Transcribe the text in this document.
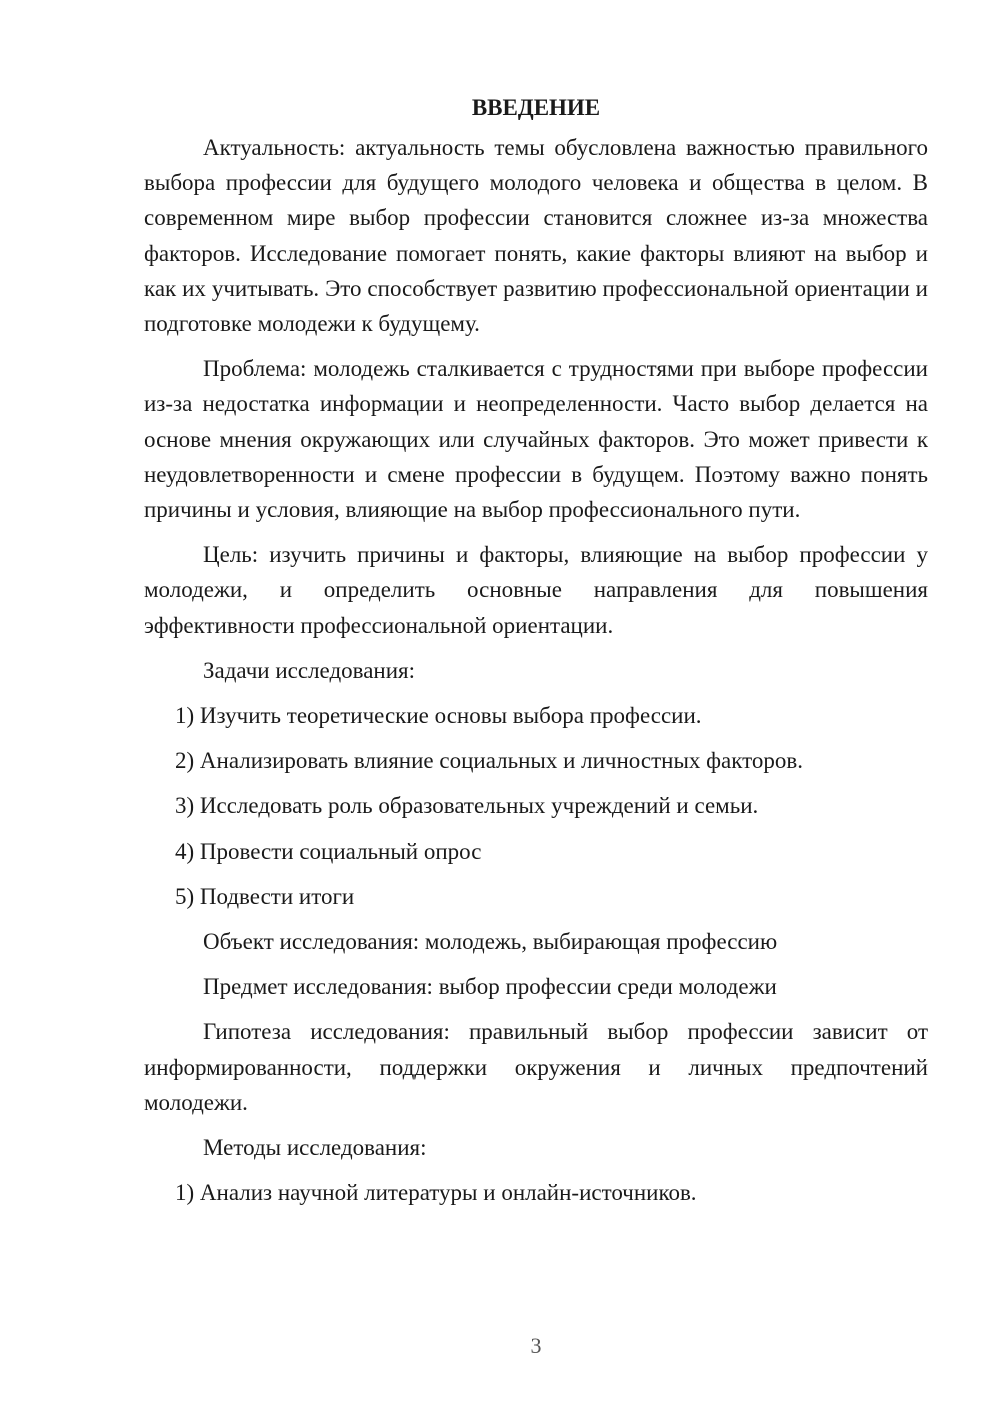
ВВЕДЕНИЕ

Актуальность: актуальность темы обусловлена важностью правильного выбора профессии для будущего молодого человека и общества в целом. В современном мире выбор профессии становится сложнее из-за множества факторов. Исследование помогает понять, какие факторы влияют на выбор и как их учитывать. Это способствует развитию профессиональной ориентации и подготовке молодежи к будущему.

Проблема: молодежь сталкивается с трудностями при выборе профессии из-за недостатка информации и неопределенности. Часто выбор делается на основе мнения окружающих или случайных факторов. Это может привести к неудовлетворенности и смене профессии в будущем. Поэтому важно понять причины и условия, влияющие на выбор профессионального пути.

Цель: изучить причины и факторы, влияющие на выбор профессии у молодежи, и определить основные направления для повышения эффективности профессиональной ориентации.

Задачи исследования:
1) Изучить теоретические основы выбора профессии.
2) Анализировать влияние социальных и личностных факторов.
3) Исследовать роль образовательных учреждений и семьи.
4) Провести социальный опрос
5) Подвести итоги
Объект исследования: молодежь, выбирающая профессию
Предмет исследования: выбор профессии среди молодежи

Гипотеза исследования: правильный выбор профессии зависит от информированности, поддержки окружения и личных предпочтений молодежи.

Методы исследования:
1) Анализ научной литературы и онлайн-источников.
3
